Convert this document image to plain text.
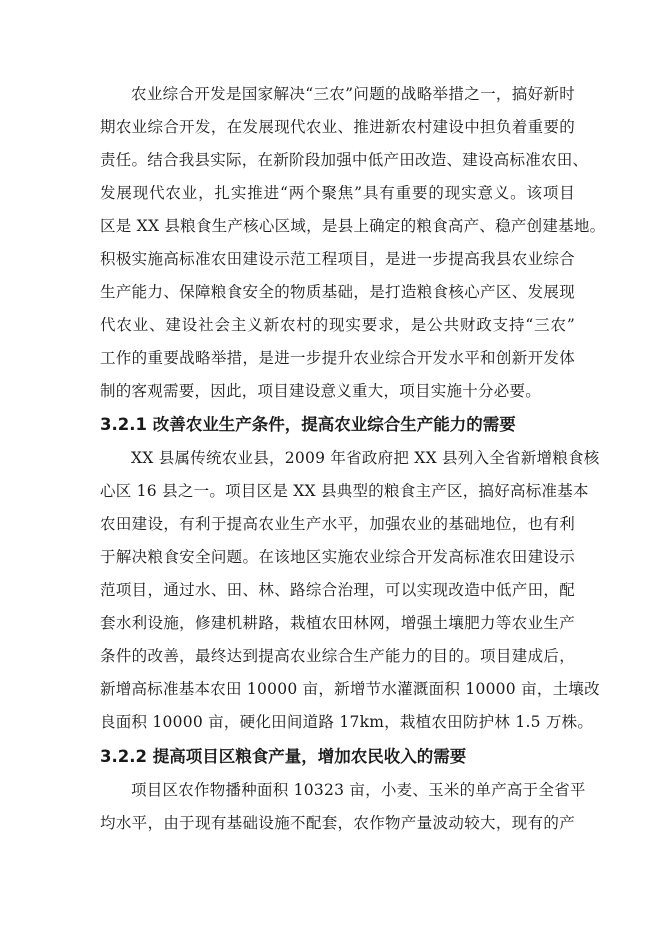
农业综合开发是国家解决“三农”问题的战略举措之一，搞好新时
期农业综合开发，在发展现代农业、推进新农村建设中担负着重要的
责任。结合我县实际，在新阶段加强中低产田改造、建设高标准农田、
发展现代农业，扎实推进“两个聚焦”具有重要的现实意义。该项目
区是 XX 县粮食生产核心区域，是县上确定的粮食高产、稳产创建基地。
积极实施高标准农田建设示范工程项目，是进一步提高我县农业综合
生产能力、保障粮食安全的物质基础，是打造粮食核心产区、发展现
代农业、建设社会主义新农村的现实要求，是公共财政支持“三农”
工作的重要战略举措，是进一步提升农业综合开发水平和创新开发体
制的客观需要，因此，项目建设意义重大，项目实施十分必要。
3.2.1 改善农业生产条件，提高农业综合生产能力的需要
XX 县属传统农业县，2009 年省政府把 XX 县列入全省新增粮食核
心区 16 县之一。项目区是 XX 县典型的粮食主产区，搞好高标准基本
农田建设，有利于提高农业生产水平，加强农业的基础地位，也有利
于解决粮食安全问题。在该地区实施农业综合开发高标准农田建设示
范项目，通过水、田、林、路综合治理，可以实现改造中低产田，配
套水利设施，修建机耕路，栽植农田林网，增强土壤肥力等农业生产
条件的改善，最终达到提高农业综合生产能力的目的。项目建成后，
新增高标准基本农田 10000 亩，新增节水灌溉面积 10000 亩，土壤改
良面积 10000 亩，硬化田间道路 17km，栽植农田防护林 1.5 万株。
3.2.2 提高项目区粮食产量，增加农民收入的需要
项目区农作物播种面积 10323 亩，小麦、玉米的单产高于全省平
均水平，由于现有基础设施不配套，农作物产量波动较大，现有的产
